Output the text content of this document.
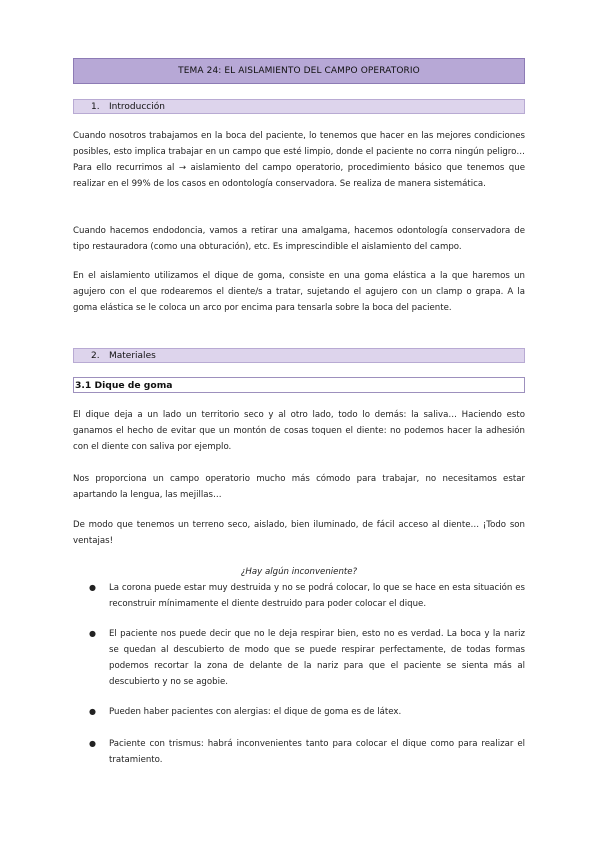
TEMA 24: EL AISLAMIENTO DEL CAMPO OPERATORIO
1.	Introducción

Cuando nosotros trabajamos en la boca del paciente, lo tenemos que hacer en las mejores condiciones posibles, esto implica trabajar en un campo que esté limpio, donde el paciente no corra ningún peligro… Para ello recurrimos al → aislamiento del campo operatorio, procedimiento básico que tenemos que realizar en el 99% de los casos en odontología conservadora. Se realiza de manera sistemática.

Cuando hacemos endodoncia, vamos a retirar una amalgama, hacemos odontología conservadora de tipo restauradora (como una obturación), etc. Es imprescindible el aislamiento del campo.

En el aislamiento utilizamos el dique de goma, consiste en una goma elástica a la que haremos un agujero con el que rodearemos el diente/s a tratar, sujetando el agujero con un clamp o grapa. A la goma elástica se le coloca un arco por encima para tensarla sobre la boca del paciente.

2.	Materiales
3.1 Dique de goma

El dique deja a un lado un territorio seco y al otro lado, todo lo demás: la saliva… Haciendo esto ganamos el hecho de evitar que un montón de cosas toquen el diente: no podemos hacer la adhesión con el diente con saliva por ejemplo.

Nos proporciona un campo operatorio mucho más cómodo para trabajar, no necesitamos estar apartando la lengua, las mejillas…

De modo que tenemos un terreno seco, aislado, bien iluminado, de fácil acceso al diente… ¡Todo son ventajas!

¿Hay algún inconveniente?
● La corona puede estar muy destruida y no se podrá colocar, lo que se hace en esta situación es reconstruir mínimamente el diente destruido para poder colocar el dique.
● El paciente nos puede decir que no le deja respirar bien, esto no es verdad. La boca y la nariz se quedan al descubierto de modo que se puede respirar perfectamente, de todas formas podemos recortar la zona de delante de la nariz para que el paciente se sienta más al descubierto y no se agobie.
● Pueden haber pacientes con alergias: el dique de goma es de látex.
● Paciente con trismus: habrá inconvenientes tanto para colocar el dique como para realizar el tratamiento.
